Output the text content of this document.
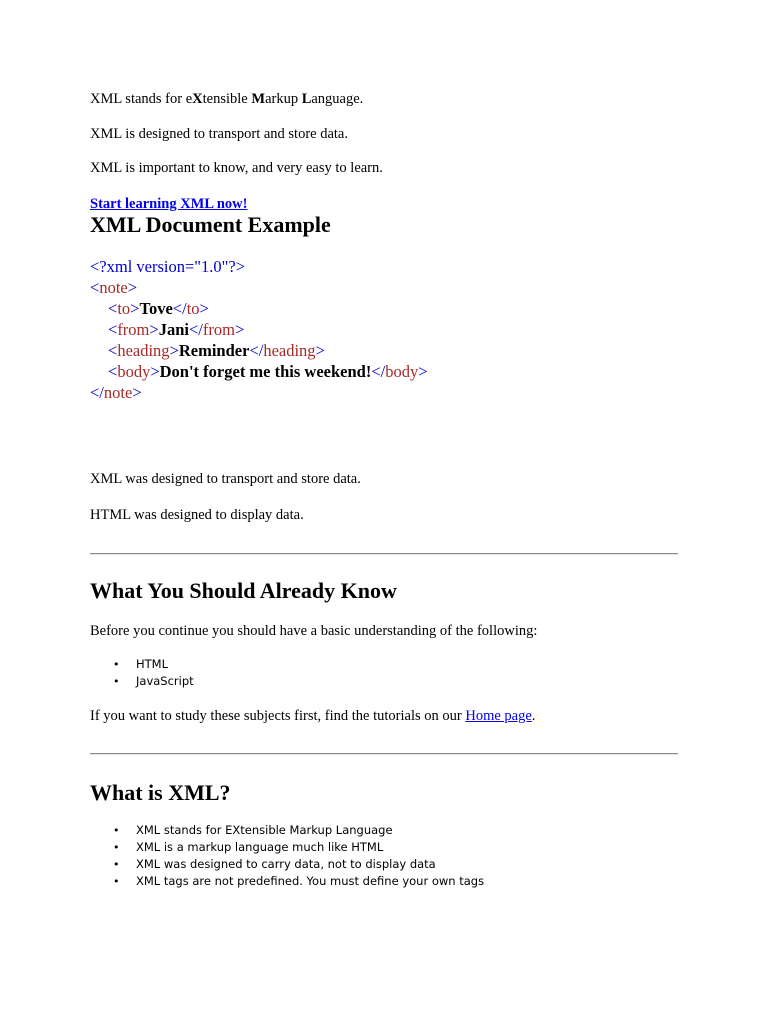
XML stands for eXtensible Markup Language.
XML is designed to transport and store data.
XML is important to know, and very easy to learn.
Start learning XML now!
XML Document Example
<?xml version="1.0"?>
<note>
<to>Tove</to>
<from>Jani</from>
<heading>Reminder</heading>
<body>Don't forget me this weekend!</body>
</note>
XML was designed to transport and store data.
HTML was designed to display data.
What You Should Already Know
Before you continue you should have a basic understanding of the following:
• HTML
• JavaScript
If you want to study these subjects first, find the tutorials on our Home page.
What is XML?
• XML stands for EXtensible Markup Language
• XML is a markup language much like HTML
• XML was designed to carry data, not to display data
• XML tags are not predefined. You must define your own tags
